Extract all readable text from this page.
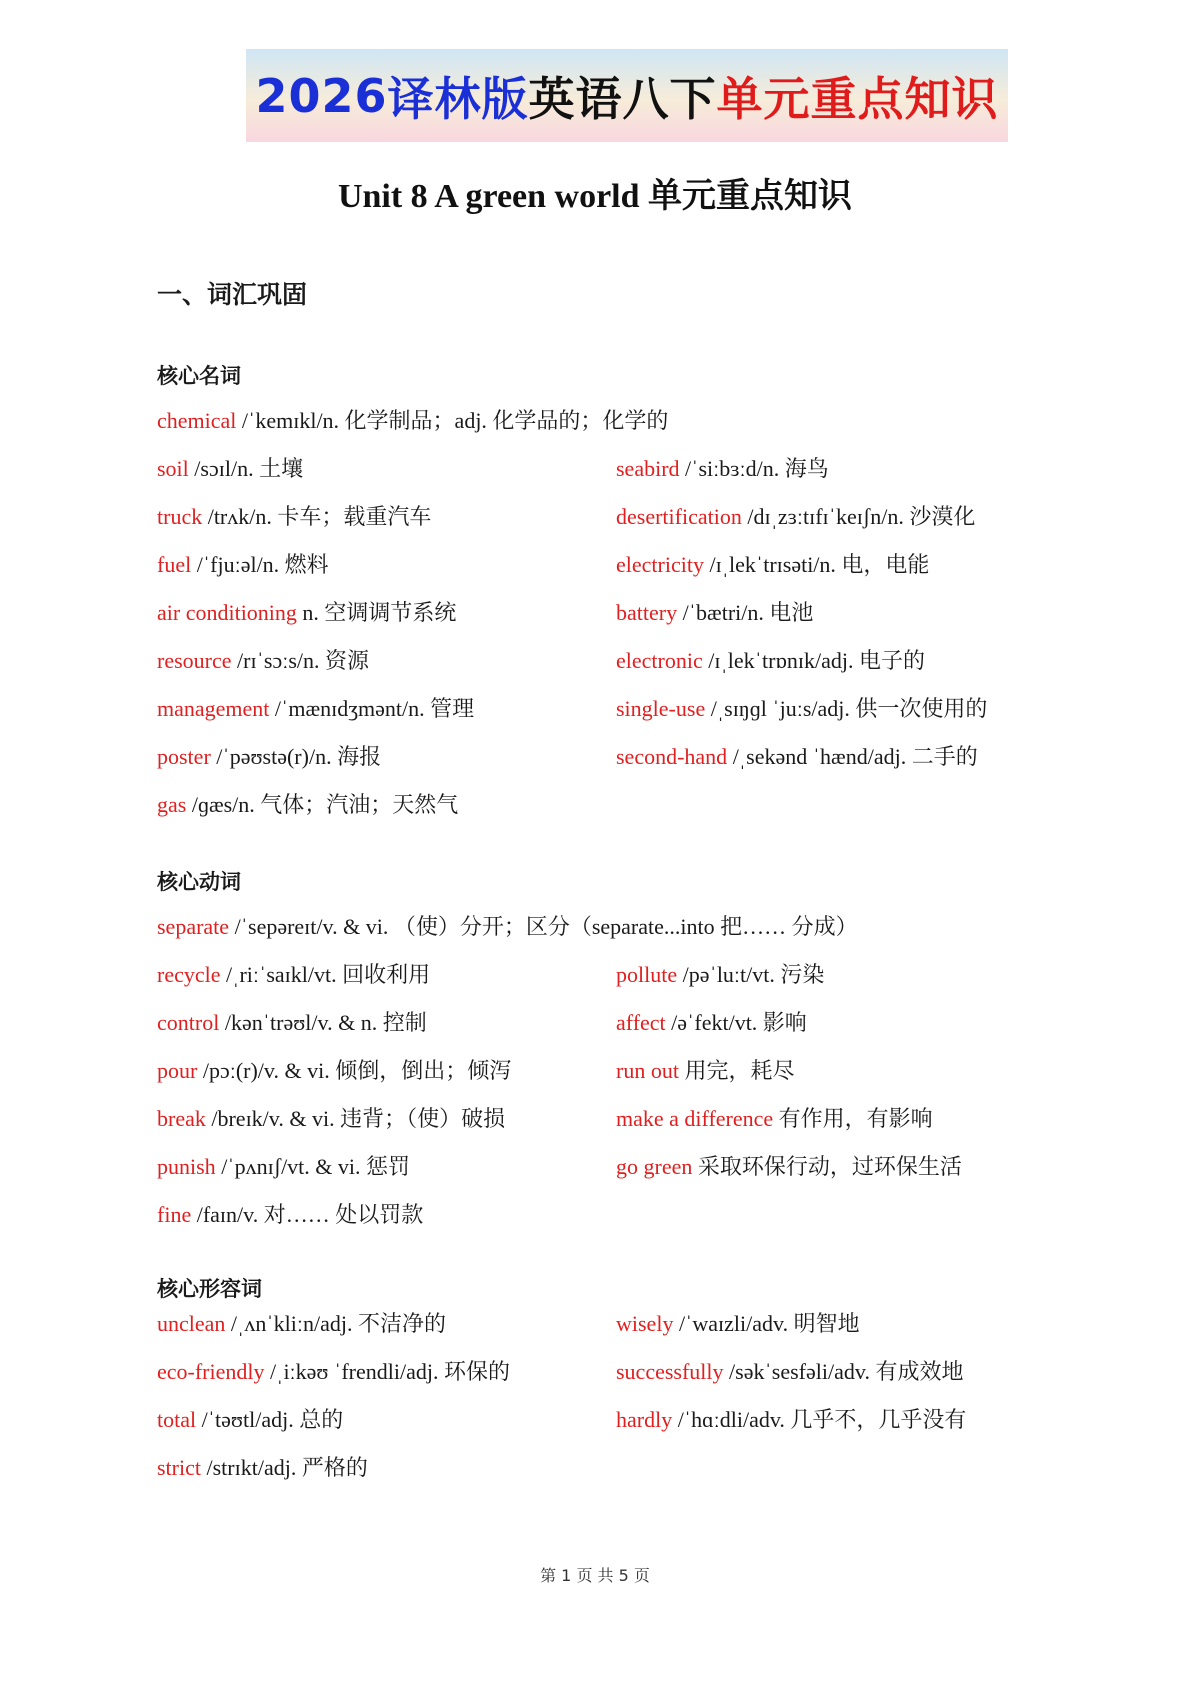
2026 译林版 英语八下 单元重点知识
Unit 8 A green world 单元重点知识
一、词汇巩固
核心名词
chemical /ˈkemɪkl/n. 化学制品；adj. 化学品的；化学的
soil /sɔɪl/n. 土壤	seabird /ˈsiːbɜːd/n. 海鸟
truck /trʌk/n. 卡车；载重汽车	desertification /dɪˌzɜːtɪfɪˈkeɪʃn/n. 沙漠化
fuel /ˈfjuːəl/n. 燃料	electricity /ɪˌlekˈtrɪsəti/n. 电，电能
air conditioning n. 空调调节系统	battery /ˈbætri/n. 电池
resource /rɪˈsɔːs/n. 资源	electronic /ɪˌlekˈtrɒnɪk/adj. 电子的
management /ˈmænɪdʒmənt/n. 管理	single-use /ˌsɪŋɡl ˈjuːs/adj. 供一次使用的
poster /ˈpəʊstə(r)/n. 海报	second-hand /ˌsekənd ˈhænd/adj. 二手的
gas /ɡæs/n. 气体；汽油；天然气
核心动词
separate /ˈsepəreɪt/v. & vi. （使）分开；区分（separate...into 把…… 分成）
recycle /ˌriːˈsaɪkl/vt. 回收利用	pollute /pəˈluːt/vt. 污染
control /kənˈtrəʊl/v. & n. 控制	affect /əˈfekt/vt. 影响
pour /pɔː(r)/v. & vi. 倾倒，倒出；倾泻	run out 用完，耗尽
break /breɪk/v. & vi. 违背；（使）破损	make a difference 有作用，有影响
punish /ˈpʌnɪʃ/vt. & vi. 惩罚	go green 采取环保行动，过环保生活
fine /faɪn/v. 对…… 处以罚款
核心形容词
unclean /ˌʌnˈkliːn/adj. 不洁净的	wisely /ˈwaɪzli/adv. 明智地
eco-friendly /ˌiːkəʊ ˈfrendli/adj. 环保的	successfully /səkˈsesfəli/adv. 有成效地
total /ˈtəʊtl/adj. 总的	hardly /ˈhɑːdli/adv. 几乎不，几乎没有
strict /strɪkt/adj. 严格的
第 1 页 共 5 页
